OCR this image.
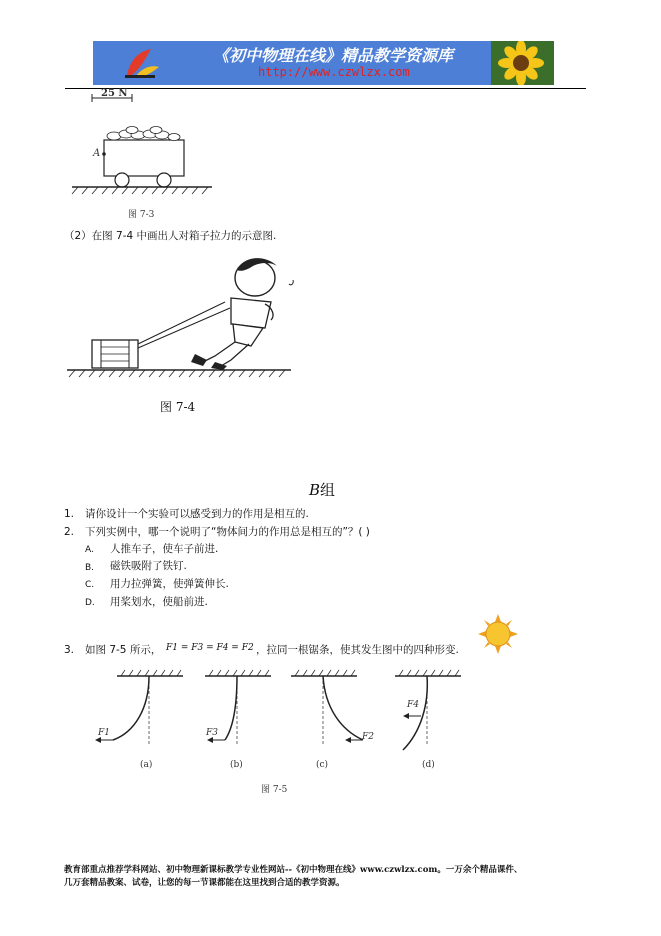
《初中物理在线》精品教学资源库
http://www.czwlzx.com
25 N
A
图 7-3
（2）在图 7-4 中画出人对箱子拉力的示意图.
图 7-4
B组
1. 请你设计一个实验可以感受到力的作用是相互的.
2. 下列实例中，哪一个说明了“物体间力的作用总是相互的”？( )
A. 人推车子，使车子前进.
B. 磁铁吸附了铁钉.
C. 用力拉弹簧，使弹簧伸长.
D. 用桨划水，使船前进.
3. 如图 7-5 所示， F1 = F3 = F4 = F2 ，拉同一根锯条，使其发生图中的四种形变.
F1	F3	F2
F4
(a)	(b)	(c)	(d)
图 7-5
教育部重点推荐学科网站、初中物理新课标教学专业性网站--《初中物理在线》www.czwlzx.com。一万余个精品课件、
几万套精品教案、试卷，让您的每一节课都能在这里找到合适的教学资源。
